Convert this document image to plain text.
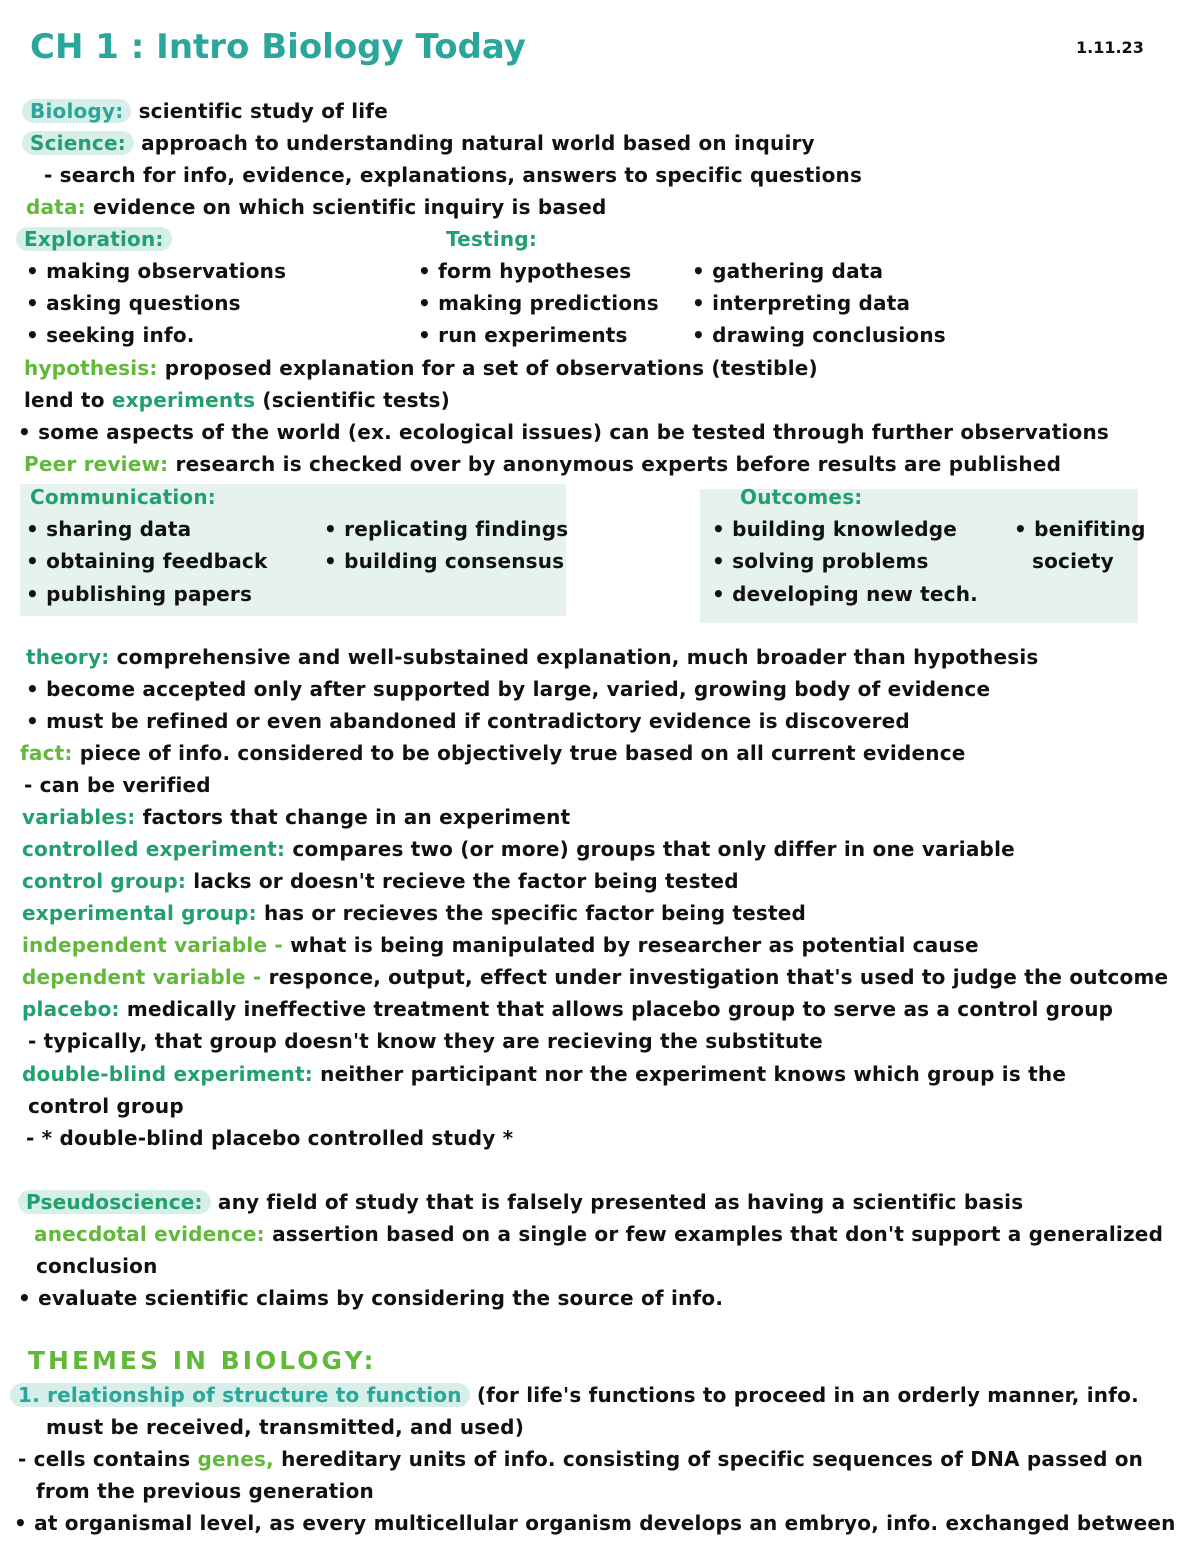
CH 1 : Intro Biology Today	1.11.23
Biology: scientific study of life
Science: approach to understanding natural world based on inquiry
- search for info, evidence, explanations, answers to specific questions
data: evidence on which scientific inquiry is based
Exploration:	Testing:
• making observations
• asking questions
• seeking info.
• form hypotheses
• making predictions
• run experiments
• gathering data
• interpreting data
• drawing conclusions
hypothesis: proposed explanation for a set of observations (testible)
lend to experiments (scientific tests)
• some aspects of the world (ex. ecological issues) can be tested through further observations
Peer review: research is checked over by anonymous experts before results are published
Communication:
• sharing data
• obtaining feedback
• publishing papers
• replicating findings
• building consensus
Outcomes:
• building knowledge
• solving problems
• developing new tech.
• benifiting
society
theory: comprehensive and well-substained explanation, much broader than hypothesis
• become accepted only after supported by large, varied, growing body of evidence
• must be refined or even abandoned if contradictory evidence is discovered
fact: piece of info. considered to be objectively true based on all current evidence
- can be verified
variables: factors that change in an experiment
controlled experiment: compares two (or more) groups that only differ in one variable
control group: lacks or doesn't recieve the factor being tested
experimental group: has or recieves the specific factor being tested
independent variable - what is being manipulated by researcher as potential cause
dependent variable - responce, output, effect under investigation that's used to judge the outcome
placebo: medically ineffective treatment that allows placebo group to serve as a control group
- typically, that group doesn't know they are recieving the substitute
double-blind experiment: neither participant nor the experiment knows which group is the
control group
- * double-blind placebo controlled study *
Pseudoscience: any field of study that is falsely presented as having a scientific basis
anecdotal evidence: assertion based on a single or few examples that don't support a generalized
conclusion
• evaluate scientific claims by considering the source of info.
THEMES IN BIOLOGY:
1. relationship of structure to function (for life's functions to proceed in an orderly manner, info.
must be received, transmitted, and used)
- cells contains genes, hereditary units of info. consisting of specific sequences of DNA passed on
from the previous generation
• at organismal level, as every multicellular organism develops an embryo, info. exchanged between
